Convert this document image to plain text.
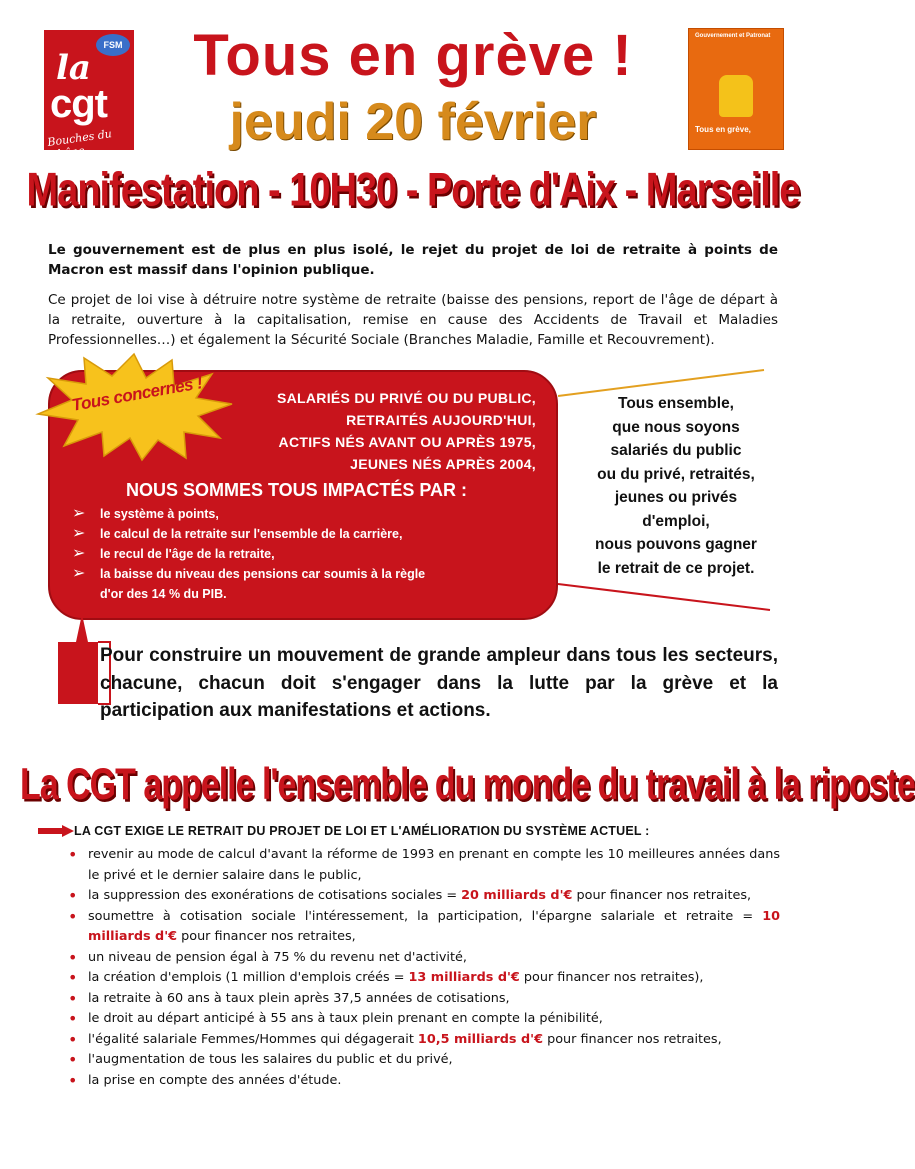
FSM
la
cgt
Bouches du Rhône
Tous en grève !
jeudi 20 février
Gouvernement et Patronat
Tous en grève,
Manifestation - 10H30 - Porte d'Aix - Marseille

Le gouvernement est de plus en plus isolé, le rejet du projet de loi de retraite à points de Macron est massif dans l'opinion publique.

Ce projet de loi vise à détruire notre système de retraite (baisse des pensions, report de l'âge de départ à la retraite, ouverture à la capitalisation, remise en cause des Accidents de Travail et Maladies Professionnelles…) et également la Sécurité Sociale (Branches Maladie, Famille et Recouvrement).

Tous concernés !	SALARIÉS DU PRIVÉ OU DU PUBLIC,
RETRAITÉS AUJOURD'HUI,
ACTIFS NÉS AVANT OU APRÈS 1975,
JEUNES NÉS APRÈS 2004,
NOUS SOMMES TOUS IMPACTÉS PAR :
➢ le système à points,
➢ le calcul de la retraite sur l'ensemble de la carrière,
➢ le recul de l'âge de la retraite,
➢ la baisse du niveau des pensions car soumis à la règle
d'or des 14 % du PIB.
Tous ensemble,
que nous soyons
salariés du public
ou du privé, retraités,
jeunes ou privés
d'emploi,
nous pouvons gagner
le retrait de ce projet.

Pour construire un mouvement de grande ampleur dans tous les secteurs, chacune, chacun doit s'engager dans la lutte par la grève et la participation aux manifestations et actions.

La CGT appelle l'ensemble du monde du travail à la riposte
LA CGT EXIGE LE RETRAIT DU PROJET DE LOI ET L'AMÉLIORATION DU SYSTÈME ACTUEL :
• revenir au mode de calcul d'avant la réforme de 1993 en prenant en compte les 10 meilleures années dans le privé et le dernier salaire dans le public,
• la suppression des exonérations de cotisations sociales = 20 milliards d'€ pour financer nos retraites,
• soumettre à cotisation sociale l'intéressement, la participation, l'épargne salariale et retraite = 10 milliards d'€ pour financer nos retraites,
• un niveau de pension égal à 75 % du revenu net d'activité,
• la création d'emplois (1 million d'emplois créés = 13 milliards d'€ pour financer nos retraites),
• la retraite à 60 ans à taux plein après 37,5 années de cotisations,
• le droit au départ anticipé à 55 ans à taux plein prenant en compte la pénibilité,
• l'égalité salariale Femmes/Hommes qui dégagerait 10,5 milliards d'€ pour financer nos retraites,
• l'augmentation de tous les salaires du public et du privé,
• la prise en compte des années d'étude.
